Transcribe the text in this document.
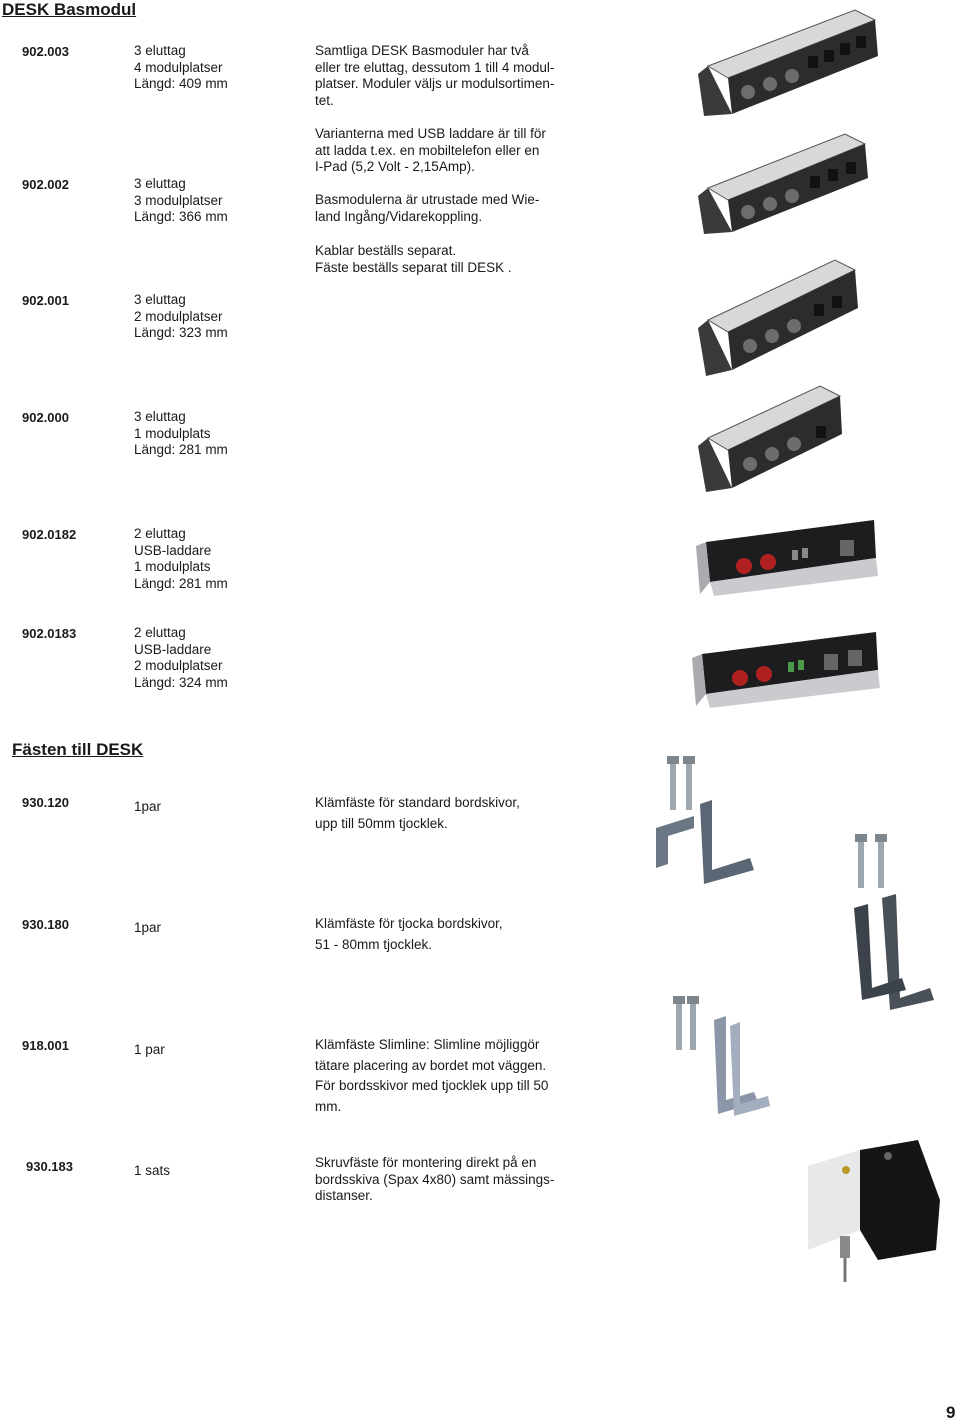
DESK Basmodul
902.003	3 eluttag
4 modulplatser
Längd: 409 mm
902.002	3 eluttag
3 modulplatser
Längd: 366 mm
902.001	3 eluttag
2 modulplatser
Längd: 323 mm
902.000	3 eluttag
1 modulplats
Längd: 281 mm
902.0182	2 eluttag
USB-laddare
1 modulplats
Längd: 281 mm
902.0183	2 eluttag
USB-laddare
2 modulplatser
Längd: 324 mm
Samtliga DESK Basmoduler har två
eller tre eluttag, dessutom 1 till 4 modul-
platser. Moduler väljs ur modulsortimen-
tet.
Varianterna med USB laddare är till för
att ladda t.ex. en mobiltelefon eller en
I-Pad (5,2 Volt - 2,15Amp).
Basmodulerna är utrustade med Wie-
land Ingång/Vidarekoppling.
Kablar beställs separat.
Fäste beställs separat till DESK .
Fästen till DESK
930.120	1par	Klämfäste för standard bordskivor,
upp till 50mm tjocklek.
930.180	1par	Klämfäste för tjocka bordskivor,
51 - 80mm tjocklek.
918.001	1 par	Klämfäste Slimline: Slimline möjliggör
tätare placering av bordet mot väggen.
För bordsskivor med tjocklek upp till 50
mm.
930.183	1 sats
Skruvfäste för montering direkt på en
bordsskiva (Spax 4x80) samt mässings-
distanser.
9
